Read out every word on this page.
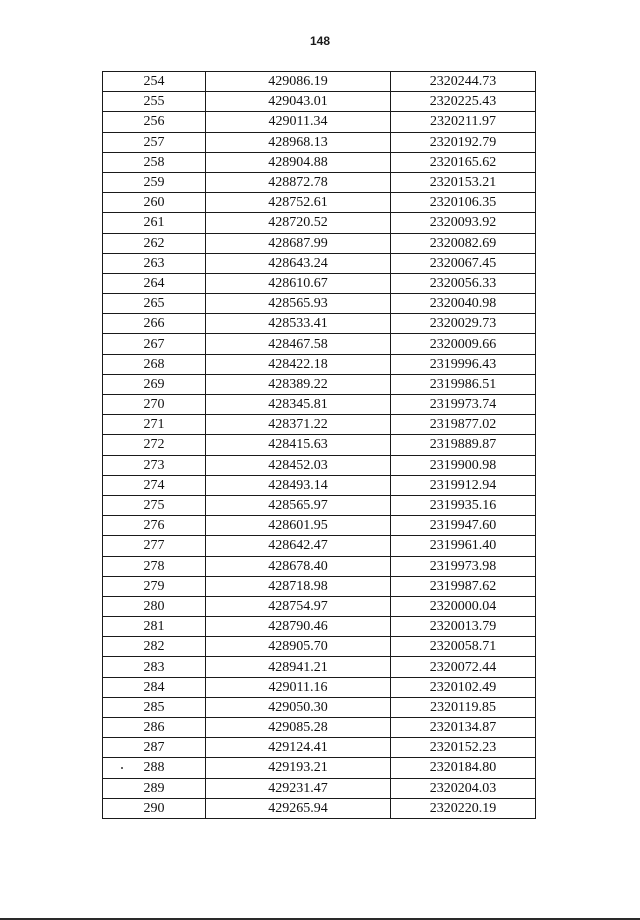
148
254	429086.19	2320244.73
255	429043.01	2320225.43
256	429011.34	2320211.97
257	428968.13	2320192.79
258	428904.88	2320165.62
259	428872.78	2320153.21
260	428752.61	2320106.35
261	428720.52	2320093.92
262	428687.99	2320082.69
263	428643.24	2320067.45
264	428610.67	2320056.33
265	428565.93	2320040.98
266	428533.41	2320029.73
267	428467.58	2320009.66
268	428422.18	2319996.43
269	428389.22	2319986.51
270	428345.81	2319973.74
271	428371.22	2319877.02
272	428415.63	2319889.87
273	428452.03	2319900.98
274	428493.14	2319912.94
275	428565.97	2319935.16
276	428601.95	2319947.60
277	428642.47	2319961.40
278	428678.40	2319973.98
279	428718.98	2319987.62
280	428754.97	2320000.04
281	428790.46	2320013.79
282	428905.70	2320058.71
283	428941.21	2320072.44
284	429011.16	2320102.49
285	429050.30	2320119.85
286	429085.28	2320134.87
287	429124.41	2320152.23
288	429193.21	2320184.80
289	429231.47	2320204.03
290	429265.94	2320220.19
